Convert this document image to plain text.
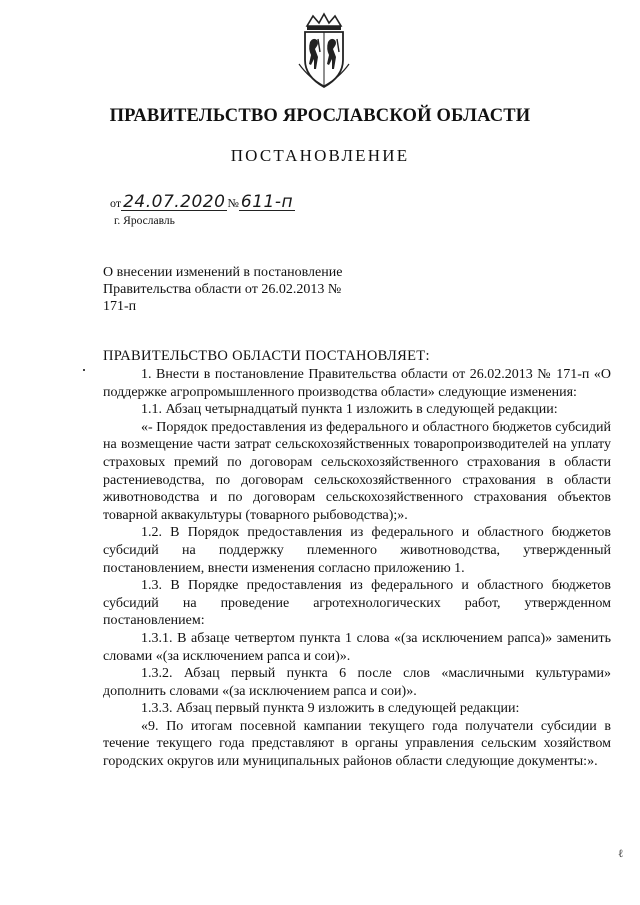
ПРАВИТЕЛЬСТВО ЯРОСЛАВСКОЙ ОБЛАСТИ
ПОСТАНОВЛЕНИЕ
от 24.07.2020 № 611-п
г. Ярославль
О внесении изменений в постановление Правительства области от 26.02.2013 № 171-п
ПРАВИТЕЛЬСТВО ОБЛАСТИ ПОСТАНОВЛЯЕТ:

1. Внести в постановление Правительства области от 26.02.2013 № 171-п «О поддержке агропромышленного производства области» следующие изменения:

1.1. Абзац четырнадцатый пункта 1 изложить в следующей редакции:

«- Порядок предоставления из федерального и областного бюджетов субсидий на возмещение части затрат сельскохозяйственных товаропроизводителей на уплату страховых премий по договорам сельскохозяйственного страхования в области растениеводства, по договорам сельскохозяйственного страхования в области животноводства и по договорам сельскохозяйственного страхования объектов товарной аквакультуры (товарного рыбоводства);».

1.2. В Порядок предоставления из федерального и областного бюджетов субсидий на поддержку племенного животноводства, утвержденный постановлением, внести изменения согласно приложению 1.

1.3. В Порядке предоставления из федерального и областного бюджетов субсидий на проведение агротехнологических работ, утвержденном постановлением:

1.3.1. В абзаце четвертом пункта 1 слова «(за исключением рапса)» заменить словами «(за исключением рапса и сои)».

1.3.2. Абзац первый пункта 6 после слов «масличными культурами» дополнить словами «(за исключением рапса и сои)».

1.3.3. Абзац первый пункта 9 изложить в следующей редакции:

«9. По итогам посевной кампании текущего года получатели субсидии в течение текущего года представляют в органы управления сельским хозяйством городских округов или муниципальных районов области следующие документы:».

ℓ
